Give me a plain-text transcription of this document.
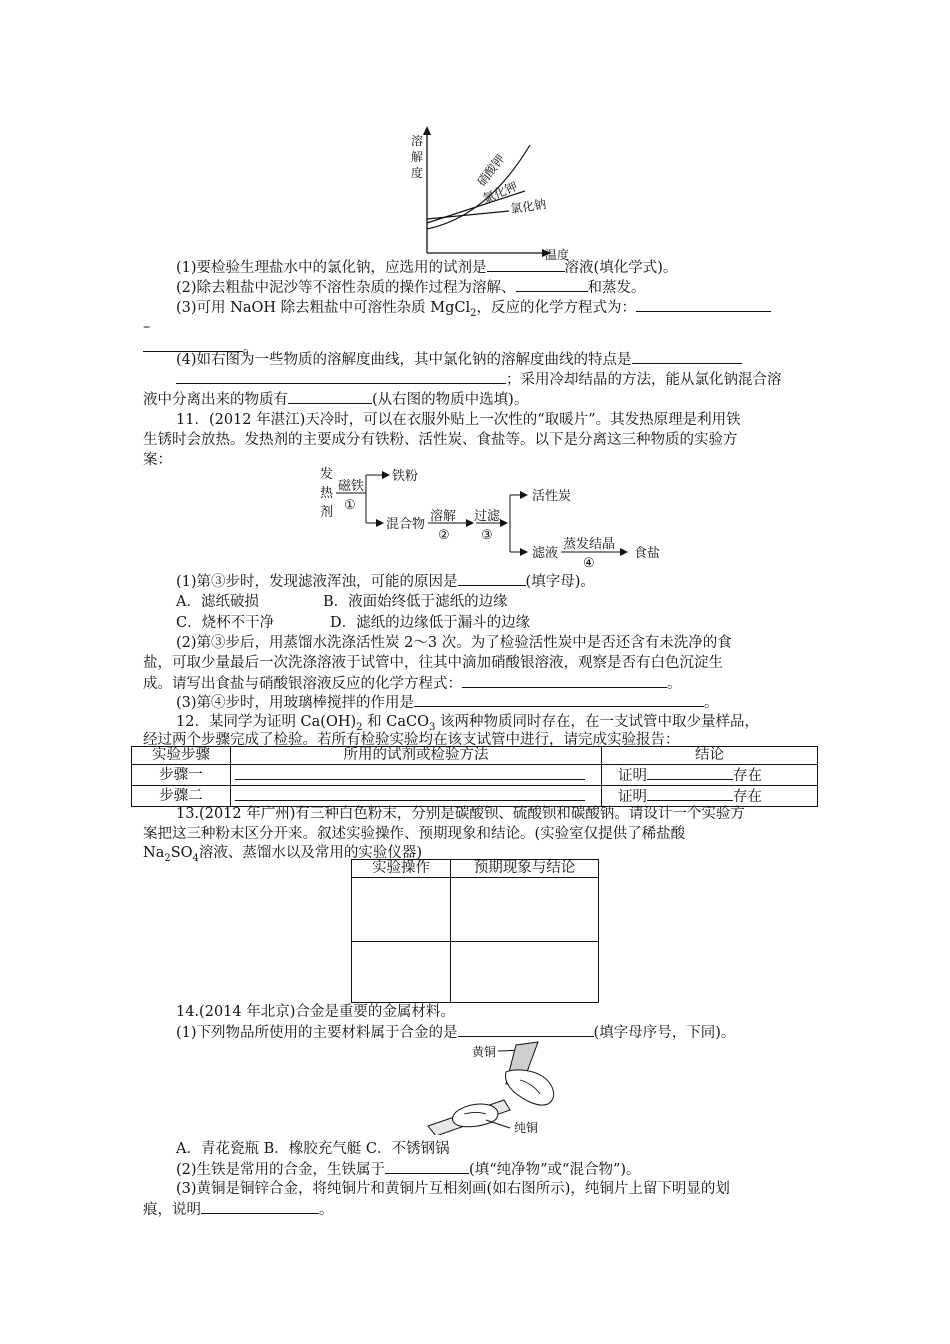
溶
解
度
温度
硝酸钾
氯化钾
氯化钠
(1)要检验生理盐水中的氯化钠，应选用的试剂是	溶液(填化学式)。
(2)除去粗盐中泥沙等不溶性杂质的操作过程为溶解、	和蒸发。
(3)可用 NaOH 除去粗盐中可溶性杂质 MgCl$_2$，反应的化学方程式为：
–
。
(4)如右图为一些物质的溶解度曲线，其中氯化钠的溶解度曲线的特点是
；采用冷却结晶的方法，能从氯化钠混合溶
液中分离出来的物质有	(从右图的物质中选填)。
11．(2012 年湛江)天冷时，可以在衣服外贴上一次性的“取暖片”。其发热原理是利用铁
生锈时会放热。发热剂的主要成分有铁粉、活性炭、食盐等。以下是分离这三种物质的实验方
案：
发
热
剂
磁铁
①
铁粉
混合物
溶解
②
过滤
③
活性炭
滤液
蒸发结晶
④
食盐
(1)第③步时，发现滤液浑浊，可能的原因是	(填字母)。
A．滤纸破损	B．液面始终低于滤纸的边缘
C．烧杯不干净	D．滤纸的边缘低于漏斗的边缘
(2)第③步后，用蒸馏水洗涤活性炭 2～3 次。为了检验活性炭中是否还含有未洗净的食
盐，可取少量最后一次洗涤溶液于试管中，往其中滴加硝酸银溶液，观察是否有白色沉淀生
成。请写出食盐与硝酸银溶液反应的化学方程式：	。
(3)第④步时，用玻璃棒搅拌的作用是	。
12．某同学为证明 $Ca(OH)_2$ 和 CaCO$_3$ 该两种物质同时存在，在一支试管中取少量样品，
经过两个步骤完成了检验。若所有检验实验均在该支试管中进行，请完成实验报告：
实验步骤	所用的试剂或检验方法	结论
步骤一		证明 存在
步骤二		证明 存在
13.(2012 年广州)有三种白色粉末，分别是碳酸钡、硫酸钡和碳酸钠。请设计一个实验方
案把这三种粉末区分开来。叙述实验操作、预期现象和结论。(实验室仅提供了稀盐酸
$Na_2SO_4$溶液、蒸馏水以及常用的实验仪器)
实验操作	预期现象与结论

14.(2014 年北京)合金是重要的金属材料。
(1)下列物品所使用的主要材料属于合金的是	(填字母序号，下同)。
黄铜
纯铜
A．青花瓷瓶 B．橡胶充气艇 C．不锈钢锅
(2)生铁是常用的合金，生铁属于	(填“纯净物”或“混合物”)。
(3)黄铜是铜锌合金，将纯铜片和黄铜片互相刻画(如右图所示)，纯铜片上留下明显的划
痕，说明	。
